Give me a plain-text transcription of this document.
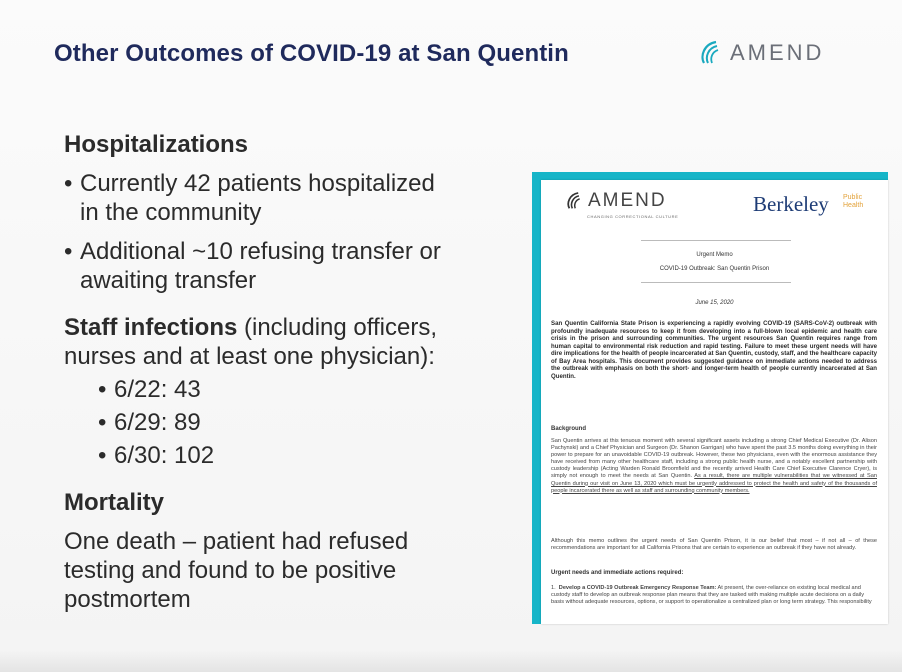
Other Outcomes of COVID-19 at San Quentin	AMEND

Hospitalizations

• Currently 42 patients hospitalized
in the community
• Additional ~10 refusing transfer or
awaiting transfer

Staff infections (including officers,
nurses and at least one physician):

• 6/22: 43
• 6/29: 89
• 6/30: 102

Mortality

One death – patient had refused
testing and found to be positive
postmortem

AMEND
CHANGING CORRECTIONAL CULTURE
Berkeley Public
Health
Urgent Memo
COVID-19 Outbreak: San Quentin Prison
June 15, 2020
San Quentin California State Prison is experiencing a rapidly evolving COVID-19 (SARS-CoV-2) outbreak with profoundly inadequate resources to keep it from developing into a full-blown local epidemic and health care crisis in the prison and surrounding communities. The urgent resources San Quentin requires range from human capital to environmental risk reduction and rapid testing. Failure to meet these urgent needs will have dire implications for the health of people incarcerated at San Quentin, custody, staff, and the healthcare capacity of Bay Area hospitals. This document provides suggested guidance on immediate actions needed to address the outbreak with emphasis on both the short- and longer-term health of people currently incarcerated at San Quentin.
Background
San Quentin arrives at this tenuous moment with several significant assets including a strong Chief Medical Executive (Dr. Alison Pachynski) and a Chief Physician and Surgeon (Dr. Shanon Garrigan) who have spent the past 3.5 months doing everything in their power to prepare for an unavoidable COVID-19 outbreak. However, these two physicians, even with the enormous assistance they have received from many other healthcare staff, including a strong public health nurse, and a notably excellent partnership with custody leadership (Acting Warden Ronald Broomfield and the recently arrived Health Care Chief Executive Clarence Cryer), is simply not enough to meet the needs at San Quentin. As a result, there are multiple vulnerabilities that we witnessed at San Quentin during our visit on June 13, 2020 which must be urgently addressed to protect the health and safety of the thousands of people incarcerated there as well as staff and surrounding community members.
Although this memo outlines the urgent needs of San Quentin Prison, it is our belief that most – if not all – of these recommendations are important for all California Prisons that are certain to experience an outbreak if they have not already.
Urgent needs and immediate actions required:
1.  Develop a COVID-19 Outbreak Emergency Response Team: At present, the over-reliance on existing local medical and custody staff to develop an outbreak response plan means that they are tasked with making multiple acute decisions on a daily basis without adequate resources, options, or support to operationalize a centralized plan or long term strategy. This responsibility
